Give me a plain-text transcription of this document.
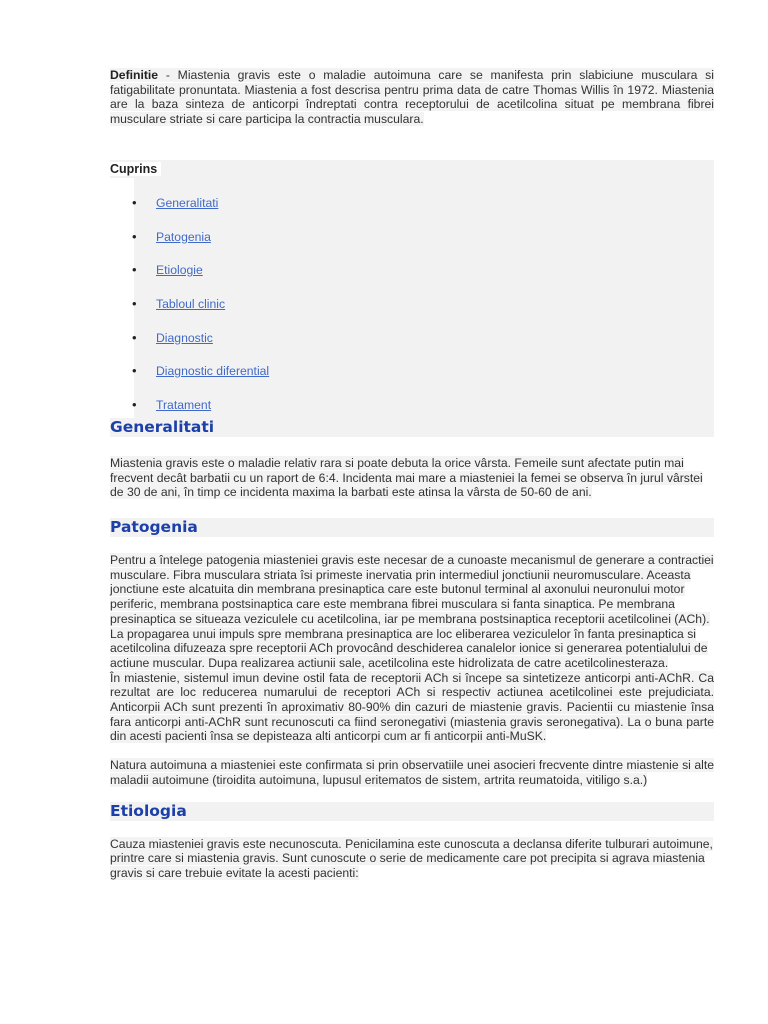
Definitie - Miastenia gravis este o maladie autoimuna care se manifesta prin slabiciune musculara si fatigabilitate pronuntata. Miastenia a fost descrisa pentru prima data de catre Thomas Willis în 1972. Miastenia are la baza sinteza de anticorpi îndreptati contra receptorului de acetilcolina situat pe membrana fibrei musculare striate si care participa la contractia musculara.

Cuprins
• Generalitati
• Patogenia
• Etiologie
• Tabloul clinic
• Diagnostic
• Diagnostic diferential
• Tratament
Generalitati

Miastenia gravis este o maladie relativ rara si poate debuta la orice vârsta. Femeile sunt afectate putin mai frecvent decât barbatii cu un raport de 6:4. Incidenta mai mare a miasteniei la femei se observa în jurul vârstei de 30 de ani, în timp ce incidenta maxima la barbati este atinsa la vârsta de 50-60 de ani.

Patogenia

Pentru a întelege patogenia miasteniei gravis este necesar de a cunoaste mecanismul de generare a contractiei musculare. Fibra musculara striata îsi primeste inervatia prin intermediul jonctiunii neuromusculare. Aceasta jonctiune este alcatuita din membrana presinaptica care este butonul terminal al axonului neuronului motor periferic, membrana postsinaptica care este membrana fibrei musculara si fanta sinaptica. Pe membrana presinaptica se situeaza veziculele cu acetilcolina, iar pe membrana postsinaptica receptorii acetilcolinei (ACh). La propagarea unui impuls spre membrana presinaptica are loc eliberarea veziculelor în fanta presinaptica si acetilcolina difuzeaza spre receptorii ACh provocând deschiderea canalelor ionice si generarea potentialului de actiune muscular. Dupa realizarea actiunii sale, acetilcolina este hidrolizata de catre acetilcolinesteraza.

În miastenie, sistemul imun devine ostil fata de receptorii ACh si începe sa sintetizeze anticorpi anti-AChR. Ca rezultat are loc reducerea numarului de receptori ACh si respectiv actiunea acetilcolinei este prejudiciata. Anticorpii ACh sunt prezenti în aproximativ 80-90% din cazuri de miastenie gravis. Pacientii cu miastenie însa fara anticorpi anti-AChR sunt recunoscuti ca fiind seronegativi (miastenia gravis seronegativa). La o buna parte din acesti pacienti însa se depisteaza alti anticorpi cum ar fi anticorpii anti-MuSK.

Natura autoimuna a miasteniei este confirmata si prin observatiile unei asocieri frecvente dintre miastenie si alte maladii autoimune (tiroidita autoimuna, lupusul eritematos de sistem, artrita reumatoida, vitiligo s.a.)

Etiologia

Cauza miasteniei gravis este necunoscuta. Penicilamina este cunoscuta a declansa diferite tulburari autoimune, printre care si miastenia gravis. Sunt cunoscute o serie de medicamente care pot precipita si agrava miastenia gravis si care trebuie evitate la acesti pacienti:
